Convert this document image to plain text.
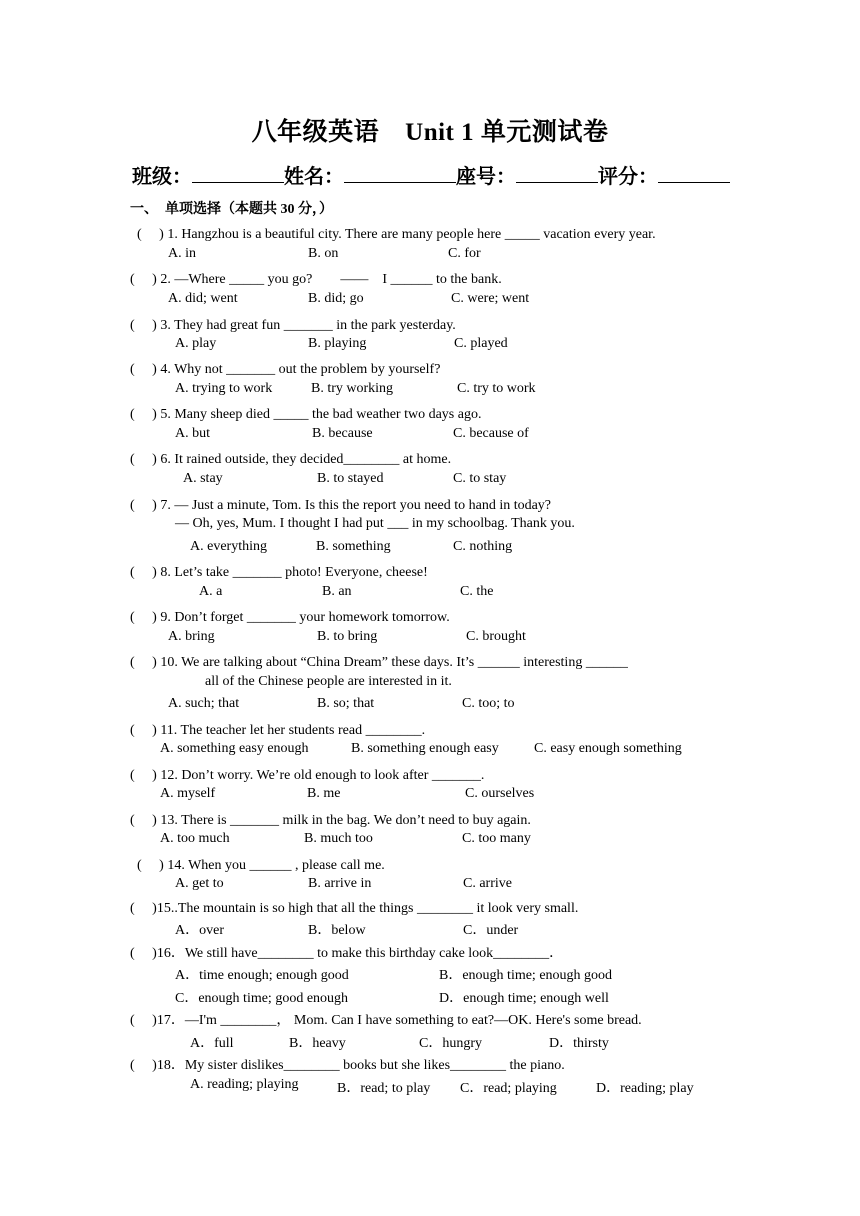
八年级英语 Unit 1 单元测试卷
班级：	姓名：	座号：	评分：
一、　单项选择（本题共 30 分，）
(　 ) 1. Hangzhou is a beautiful city. There are many people here _____ vacation every year.
A. in	B. on	C. for
(　 ) 2. —Where _____ you go?　　——　I ______ to the bank.
A. did; went	B. did; go	C. were; went
(　 ) 3. They had great fun _______ in the park yesterday.
A. play	B. playing	C. played
(　 ) 4. Why not _______ out the problem by yourself?
A. trying to work	B. try working	C. try to work
(　 ) 5. Many sheep died _____ the bad weather two days ago.
A. but	B. because	C. because of
(　 ) 6. It rained outside, they decided________ at home.
A. stay	B. to stayed	C. to stay
(　 ) 7. — Just a minute, Tom. Is this the report you need to hand in today?
— Oh, yes, Mum. I thought I had put ___ in my schoolbag. Thank you.
A. everything	B. something	C. nothing
(　 ) 8. Let’s take _______ photo! Everyone, cheese!
A. a	B. an	C. the
(　 ) 9. Don’t forget _______ your homework tomorrow.
A. bring	B. to bring	C. brought
(　 ) 10. We are talking about “China Dream” these days. It’s ______ interesting ______
all of the Chinese people are interested in it.
A. such; that	B. so; that	C. too; to
(　 ) 11. The teacher let her students read ________.
A. something easy enough	B. something enough easy	C. easy enough something
(　 ) 12. Don’t worry. We’re old enough to look after _______.
A. myself	B. me	C. ourselves
(　 ) 13. There is _______ milk in the bag. We don’t need to buy again.
A. too much	B. much too	C. too many
(　 ) 14. When you ______ , please call me.
A. get to	B. arrive in	C. arrive
(　 )15..The mountain is so high that all the things ________ it look very small.
A．over	B．below	C．under
(　 )16．We still have________ to make this birthday cake look________．
A．time enough; enough good	B．enough time; enough good
C．enough time; good enough	D．enough time; enough well
(　 )17．—I'm ________， Mom. Can I have something to eat?—OK. Here's some bread.
A．full	B．heavy	C．hungry	D．thirsty
(　 )18．My sister dislikes________ books but she likes________ the piano.
A. reading; playing	B．read; to play C．read; playing	D．reading; play
